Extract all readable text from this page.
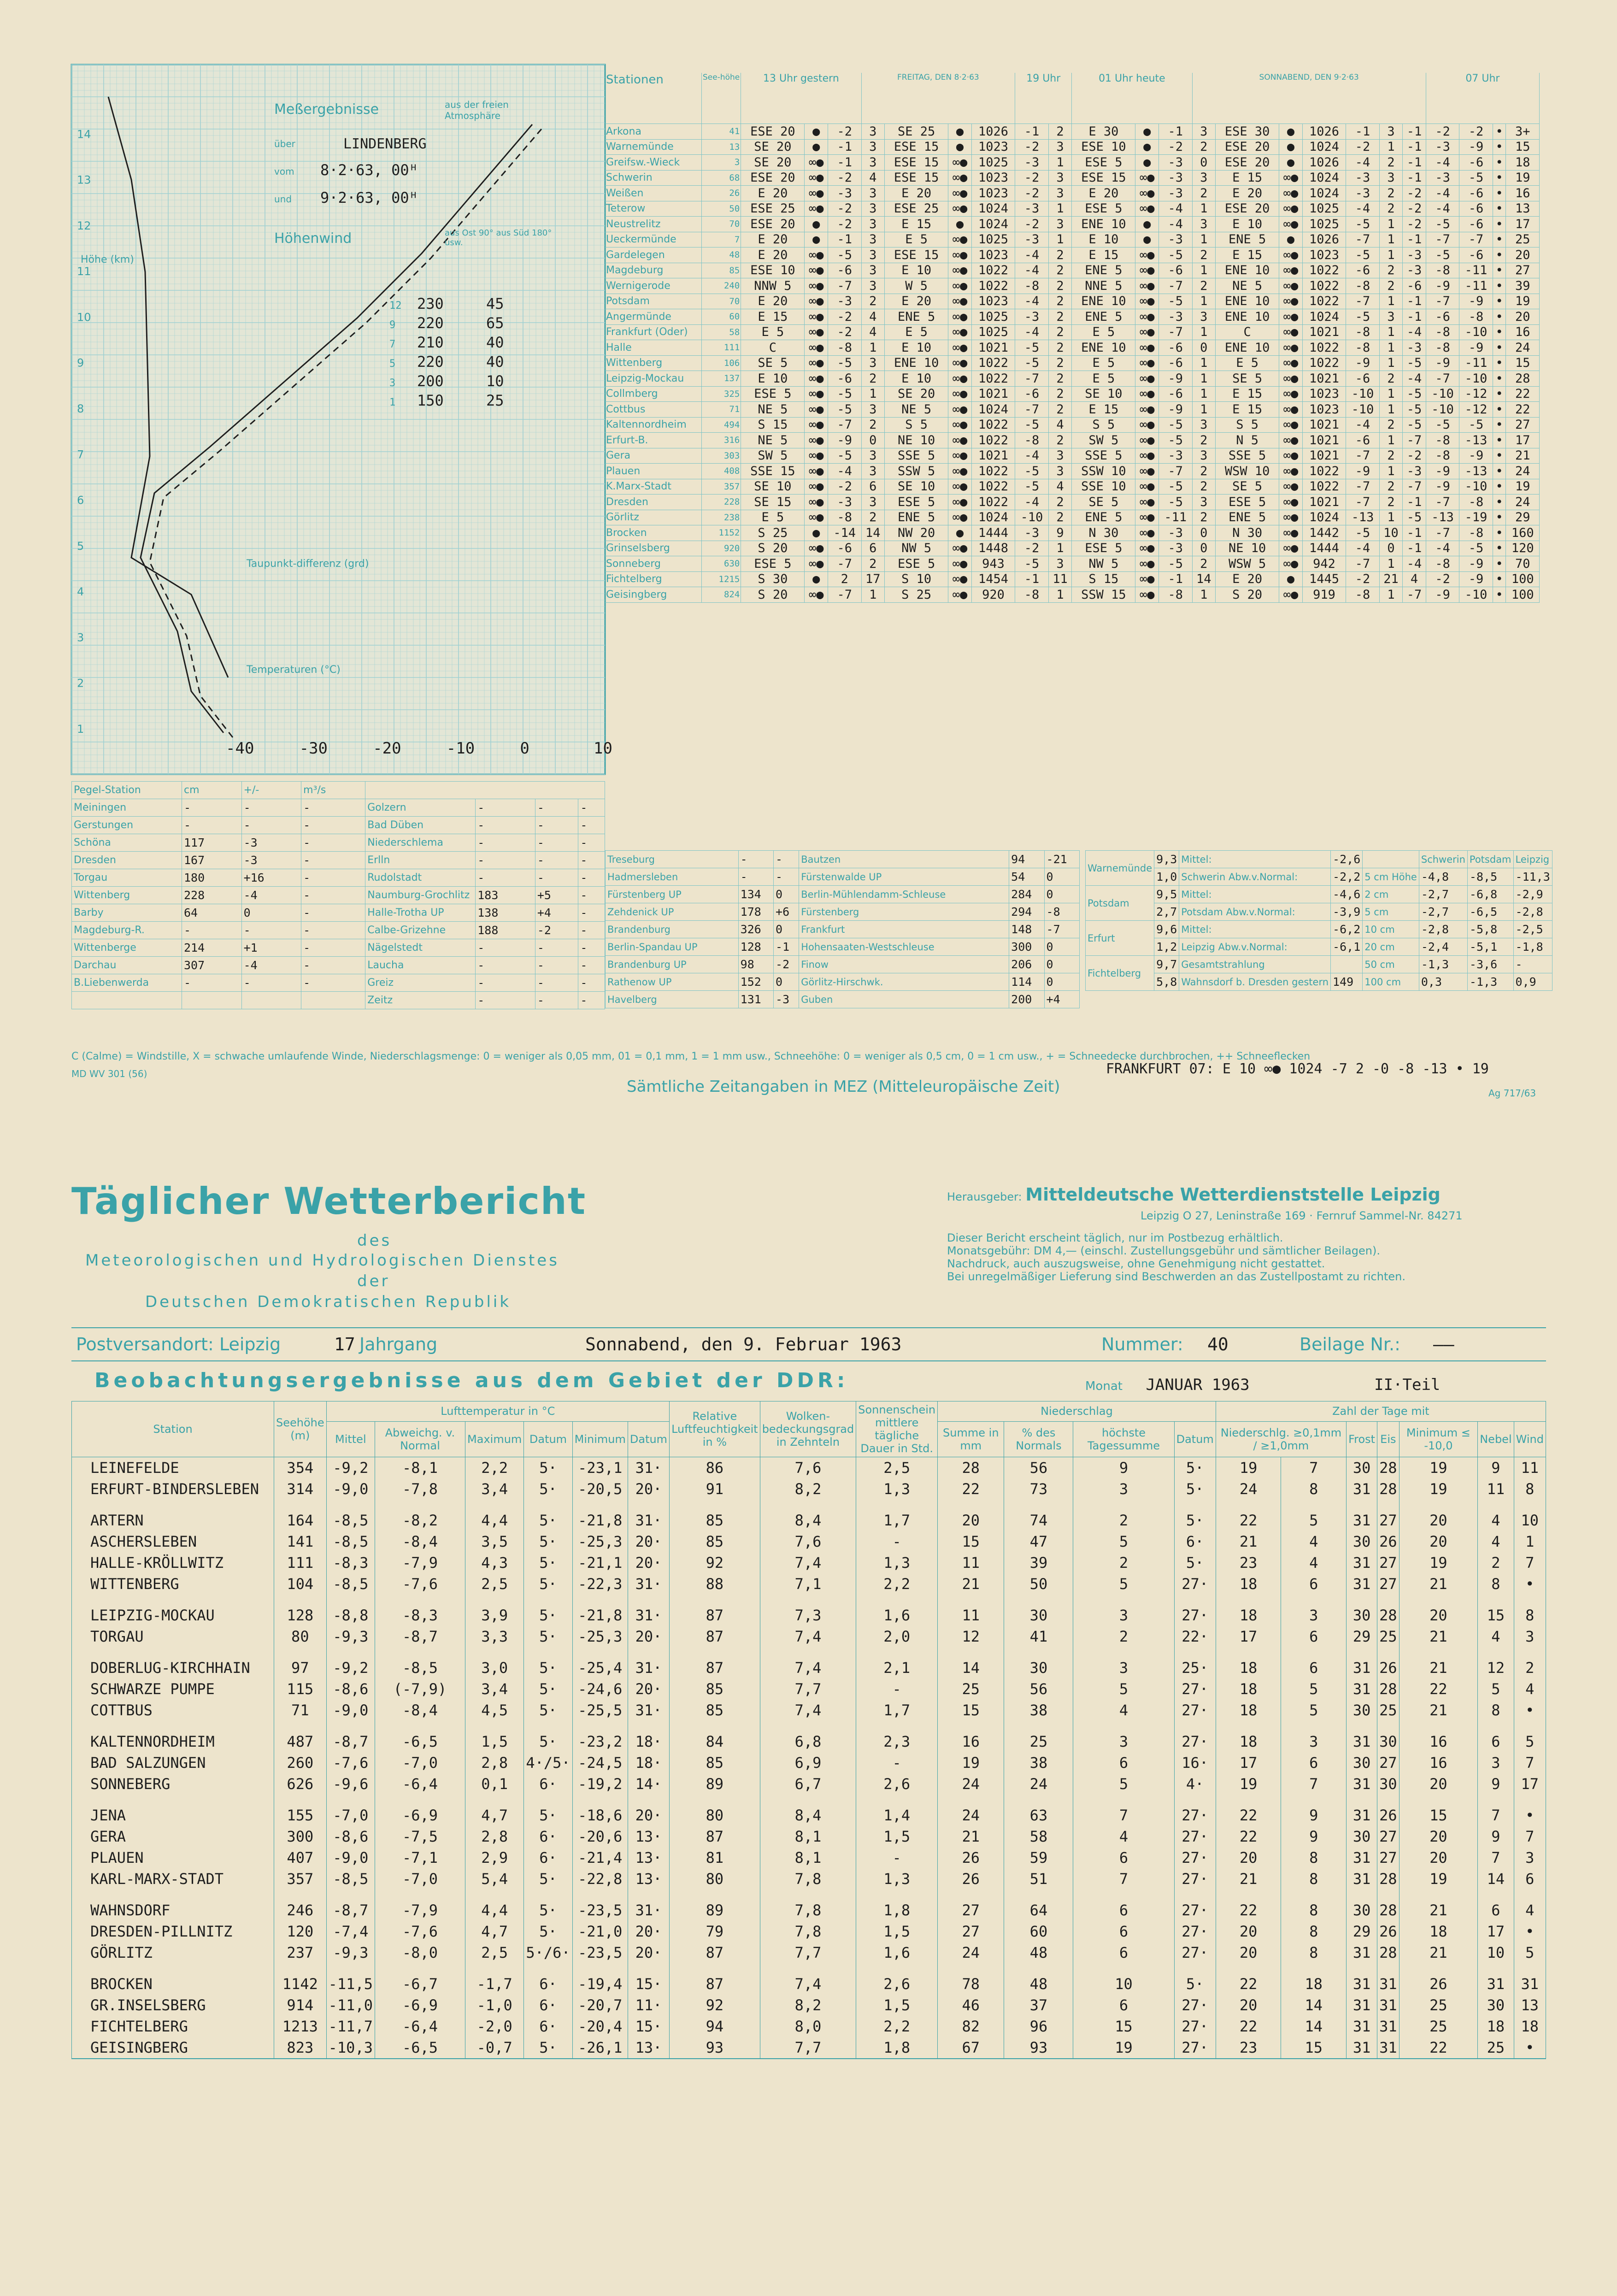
-40	-30	-20	-10	0	10
1
2
3
4
5
6
7
8
9
10
11
12
13
14
Taupunkt-differenz (grd)
Temperaturen (°C)
Höhe (km)
Meßergebnisse	aus der freien Atmosphäre
über	LINDENBERG
vom 8·2·63, 00ᴴ
und 9·2·63, 00ᴴ
Höhenwind	aus Ost 90° aus Süd 180° usw.
12 230	45
9 220	65
7 210	40
5 220	40
3 200	10
1 150	25
Stationen	See-höhe	13 Uhr gestern			FREITAG, DEN 8·2·63				19 Uhr		01 Uhr heute			SONNABEND, DEN 9·2·63							07 Uhr			
Arkona	41	ESE 20	●	-2	3	SE 25	●	1026	-1	2	E 30	●	-1	3	ESE 30	●	1026	-1	3	-1	-2	-2	•	3+
Warnemünde	13	SE 20	●	-1	3	ESE 15	●	1023	-2	3	ESE 10	●	-2	2	ESE 20	●	1024	-2	1	-1	-3	-9	•	15
Greifsw.-Wieck	3	SE 20	∞●	-1	3	ESE 15	∞●	1025	-3	1	ESE 5	●	-3	0	ESE 20	●	1026	-4	2	-1	-4	-6	•	18
Schwerin	68	ESE 20	∞●	-2	4	ESE 15	∞●	1023	-2	3	ESE 15	∞●	-3	3	E 15	∞●	1024	-3	3	-1	-3	-5	•	19
Weißen	26	E 20	∞●	-3	3	E 20	∞●	1023	-2	3	E 20	∞●	-3	2	E 20	∞●	1024	-3	2	-2	-4	-6	•	16
Teterow	50	ESE 25	∞●	-2	3	ESE 25	∞●	1024	-3	1	ESE 5	∞●	-4	1	ESE 20	∞●	1025	-4	2	-2	-4	-6	•	13
Neustrelitz	70	ESE 20	●	-2	3	E 15	●	1024	-2	3	ENE 10	●	-4	3	E 10	∞●	1025	-5	1	-2	-5	-6	•	17
Ueckermünde	7	E 20	●	-1	3	E 5	∞●	1025	-3	1	E 10	●	-3	1	ENE 5	●	1026	-7	1	-1	-7	-7	•	25
Gardelegen	48	E 20	∞●	-5	3	ESE 15	∞●	1023	-4	2	E 15	∞●	-5	2	E 15	∞●	1023	-5	1	-3	-5	-6	•	20
Magdeburg	85	ESE 10	∞●	-6	3	E 10	∞●	1022	-4	2	ENE 5	∞●	-6	1	ENE 10	∞●	1022	-6	2	-3	-8	-11	•	27
Wernigerode	240	NNW 5	∞●	-7	3	W 5	∞●	1022	-8	2	NNE 5	∞●	-7	2	NE 5	∞●	1022	-8	2	-6	-9	-11	•	39
Potsdam	70	E 20	∞●	-3	2	E 20	∞●	1023	-4	2	ENE 10	∞●	-5	1	ENE 10	∞●	1022	-7	1	-1	-7	-9	•	19
Angermünde	60	E 15	∞●	-2	4	ENE 5	∞●	1025	-3	2	ENE 5	∞●	-3	3	ENE 10	∞●	1024	-5	3	-1	-6	-8	•	20
Frankfurt (Oder)	58	E 5	∞●	-2	4	E 5	∞●	1025	-4	2	E 5	∞●	-7	1	C	∞●	1021	-8	1	-4	-8	-10	•	16
Halle	111	C	∞●	-8	1	E 10	∞●	1021	-5	2	ENE 10	∞●	-6	0	ENE 10	∞●	1022	-8	1	-3	-8	-9	•	24
Wittenberg	106	SE 5	∞●	-5	3	ENE 10	∞●	1022	-5	2	E 5	∞●	-6	1	E 5	∞●	1022	-9	1	-5	-9	-11	•	15
Leipzig-Mockau	137	E 10	∞●	-6	2	E 10	∞●	1022	-7	2	E 5	∞●	-9	1	SE 5	∞●	1021	-6	2	-4	-7	-10	•	28
Collmberg	325	ESE 5	∞●	-5	1	SE 20	∞●	1021	-6	2	SE 10	∞●	-6	1	E 15	∞●	1023	-10	1	-5	-10	-12	•	22
Cottbus	71	NE 5	∞●	-5	3	NE 5	∞●	1024	-7	2	E 15	∞●	-9	1	E 15	∞●	1023	-10	1	-5	-10	-12	•	22
Kaltennordheim	494	S 15	∞●	-7	2	S 5	∞●	1022	-5	4	S 5	∞●	-5	3	S 5	∞●	1021	-4	2	-5	-5	-5	•	27
Erfurt-B.	316	NE 5	∞●	-9	0	NE 10	∞●	1022	-8	2	SW 5	∞●	-5	2	N 5	∞●	1021	-6	1	-7	-8	-13	•	17
Gera	303	SW 5	∞●	-5	3	SSE 5	∞●	1021	-4	3	SSE 5	∞●	-3	3	SSE 5	∞●	1021	-7	2	-2	-8	-9	•	21
Plauen	408	SSE 15	∞●	-4	3	SSW 5	∞●	1022	-5	3	SSW 10	∞●	-7	2	WSW 10	∞●	1022	-9	1	-3	-9	-13	•	24
K.Marx-Stadt	357	SE 10	∞●	-2	6	SE 10	∞●	1022	-5	4	SSE 10	∞●	-5	2	SE 5	∞●	1022	-7	2	-7	-9	-10	•	19
Dresden	228	SE 15	∞●	-3	3	ESE 5	∞●	1022	-4	2	SE 5	∞●	-5	3	ESE 5	∞●	1021	-7	2	-1	-7	-8	•	24
Görlitz	238	E 5	∞●	-8	2	ENE 5	∞●	1024	-10	2	ENE 5	∞●	-11	2	ENE 5	∞●	1024	-13	1	-5	-13	-19	•	29
Brocken	1152	S 25	●	-14	14	NW 20	●	1444	-3	9	N 30	∞●	-3	0	N 30	∞●	1442	-5	10	-1	-7	-8	•	160
Grinselsberg	920	S 20	∞●	-6	6	NW 5	∞●	1448	-2	1	ESE 5	∞●	-3	0	NE 10	∞●	1444	-4	0	-1	-4	-5	•	120
Sonneberg	630	ESE 5	∞●	-7	2	ESE 5	∞●	943	-5	3	NW 5	∞●	-5	2	WSW 5	∞●	942	-7	1	-4	-8	-9	•	70
Fichtelberg	1215	S 30	●	2	17	S 10	∞●	1454	-1	11	S 15	∞●	-1	14	E 20	●	1445	-2	21	4	-2	-9	•	100
Geisingberg	824	S 20	∞●	-7	1	S 25	∞●	920	-8	1	SSW 15	∞●	-8	1	S 20	∞●	919	-8	1	-7	-9	-10	•	100
Pegel-Station	cm	+/-	m³/s				
Meiningen	-	-	-	Golzern	-	-	-
Gerstungen	-	-	-	Bad Düben	-	-	-
Schöna	117	-3	-	Niederschlema	-	-	-
Dresden	167	-3	-	Erlln	-	-	-
Torgau	180	+16	-	Rudolstadt	-	-	-
Wittenberg	228	-4	-	Naumburg-Grochlitz	183	+5	-
Barby	64	0	-	Halle-Trotha UP	138	+4	-
Magdeburg-R.	-	-	-	Calbe-Grizehne	188	-2	-
Wittenberge	214	+1	-	Nägelstedt	-	-	-
Darchau	307	-4	-	Laucha	-	-	-
B.Liebenwerda	-	-	-	Greiz	-	-	-
				Zeitz	-	-	-
Treseburg	-	-	Bautzen	94	-21
Hadmersleben	-	-	Fürstenwalde UP	54	0
Fürstenberg UP	134	0	Berlin-Mühlendamm-Schleuse	284	0
Zehdenick UP	178	+6	Fürstenberg	294	-8
Brandenburg	326	0	Frankfurt	148	-7
Berlin-Spandau UP	128	-1	Hohensaaten-Westschleuse	300	0
Brandenburg UP	98	-2	Finow	206	0
Rathenow UP	152	0	Görlitz-Hirschwk.	114	0
Havelberg	131	-3	Guben	200	+4
Warnemünde	9,3	Mittel:	-2,6		Schwerin	Potsdam	Leipzig
	1,0	Schwerin Abw.v.Normal:	-2,2	5 cm Höhe	-4,8	-8,5	-11,3
Potsdam	9,5	Mittel:	-4,6	2 cm	-2,7	-6,8	-2,9
	2,7	Potsdam Abw.v.Normal:	-3,9	5 cm	-2,7	-6,5	-2,8
Erfurt	9,6	Mittel:	-6,2	10 cm	-2,8	-5,8	-2,5
	1,2	Leipzig Abw.v.Normal:	-6,1	20 cm	-2,4	-5,1	-1,8
Fichtelberg	9,7	Gesamtstrahlung		50 cm	-1,3	-3,6	-
	5,8	Wahnsdorf b. Dresden gestern	149	100 cm	0,3	-1,3	0,9
C (Calme) = Windstille, X = schwache umlaufende Winde, Niederschlagsmenge: 0 = weniger als 0,05 mm, 01 = 0,1 mm, 1 = 1 mm usw., Schneehöhe: 0 = weniger als 0,5 cm, 0 = 1 cm usw., + = Schneedecke durchbrochen, ++ Schneeflecken
MD WV 301 (56)
Sämtliche Zeitangaben in MEZ (Mitteleuropäische Zeit)
FRANKFURT 07: E 10 ∞● 1024 -7 2 -0 -8 -13 • 19
Ag 717/63
Täglicher Wetterbericht
des
Meteorologischen und Hydrologischen Dienstes
der
Deutschen Demokratischen Republik
Herausgeber: Mitteldeutsche Wetterdienststelle Leipzig
Leipzig O 27, Leninstraße 169 · Fernruf Sammel-Nr. 84271
Dieser Bericht erscheint täglich, nur im Postbezug erhältlich.
Monatsgebühr: DM 4,— (einschl. Zustellungsgebühr und sämtlicher Beilagen).
Nachdruck, auch auszugsweise, ohne Genehmigung nicht gestattet.
Bei unregelmäßiger Lieferung sind Beschwerden an das Zustellpostamt zu richten.
Postversandort: Leipzig	17 Jahrgang	Sonnabend, den 9. Februar 1963	Nummer:	40	Beilage Nr.:	——
Beobachtungsergebnisse aus dem Gebiet der DDR:	Monat JANUAR 1963	II·Teil
Station	Seehöhe (m)	Lufttemperatur in °C						Relative Luftfeuchtigkeit in %	Wolken-bedeckungsgrad in Zehnteln	Sonnenschein mittlere tägliche Dauer in Std.	Niederschlag				Zahl der Tage mit						
		Mittel	Abweichg. v. Normal	Maximum	Datum	Minimum	Datum				Summe in mm	% des Normals	höchste Tagessumme	Datum	Niederschlg. ≥0,1mm / ≥1,0mm		Frost	Eis	Minimum ≤ -10,0	Nebel	Wind
LEINEFELDE	354	-9,2	-8,1	2,2	5·	-23,1	31·	86	7,6	2,5	28	56	9	5·	19	7	30	28	19	9	11
ERFURT-BINDERSLEBEN	314	-9,0	-7,8	3,4	5·	-20,5	20·	91	8,2	1,3	22	73	3	5·	24	8	31	28	19	11	8

ARTERN	164	-8,5	-8,2	4,4	5·	-21,8	31·	85	8,4	1,7	20	74	2	5·	22	5	31	27	20	4	10
ASCHERSLEBEN	141	-8,5	-8,4	3,5	5·	-25,3	20·	85	7,6	-	15	47	5	6·	21	4	30	26	20	4	1
HALLE-KRÖLLWITZ	111	-8,3	-7,9	4,3	5·	-21,1	20·	92	7,4	1,3	11	39	2	5·	23	4	31	27	19	2	7
WITTENBERG	104	-8,5	-7,6	2,5	5·	-22,3	31·	88	7,1	2,2	21	50	5	27·	18	6	31	27	21	8	•

LEIPZIG-MOCKAU	128	-8,8	-8,3	3,9	5·	-21,8	31·	87	7,3	1,6	11	30	3	27·	18	3	30	28	20	15	8
TORGAU	80	-9,3	-8,7	3,3	5·	-25,3	20·	87	7,4	2,0	12	41	2	22·	17	6	29	25	21	4	3

DOBERLUG-KIRCHHAIN	97	-9,2	-8,5	3,0	5·	-25,4	31·	87	7,4	2,1	14	30	3	25·	18	6	31	26	21	12	2
SCHWARZE PUMPE	115	-8,6	(-7,9)	3,4	5·	-24,6	20·	85	7,7	-	25	56	5	27·	18	5	31	28	22	5	4
COTTBUS	71	-9,0	-8,4	4,5	5·	-25,5	31·	85	7,4	1,7	15	38	4	27·	18	5	30	25	21	8	•

KALTENNORDHEIM	487	-8,7	-6,5	1,5	5·	-23,2	18·	84	6,8	2,3	16	25	3	27·	18	3	31	30	16	6	5
BAD SALZUNGEN	260	-7,6	-7,0	2,8	4·/5·	-24,5	18·	85	6,9	-	19	38	6	16·	17	6	30	27	16	3	7
SONNEBERG	626	-9,6	-6,4	0,1	6·	-19,2	14·	89	6,7	2,6	24	24	5	4·	19	7	31	30	20	9	17

JENA	155	-7,0	-6,9	4,7	5·	-18,6	20·	80	8,4	1,4	24	63	7	27·	22	9	31	26	15	7	•
GERA	300	-8,6	-7,5	2,8	6·	-20,6	13·	87	8,1	1,5	21	58	4	27·	22	9	30	27	20	9	7
PLAUEN	407	-9,0	-7,1	2,9	6·	-21,4	13·	81	8,1	-	26	59	6	27·	20	8	31	27	20	7	3
KARL-MARX-STADT	357	-8,5	-7,0	5,4	5·	-22,8	13·	80	7,8	1,3	26	51	7	27·	21	8	31	28	19	14	6

WAHNSDORF	246	-8,7	-7,9	4,4	5·	-23,5	31·	89	7,8	1,8	27	64	6	27·	22	8	30	28	21	6	4
DRESDEN-PILLNITZ	120	-7,4	-7,6	4,7	5·	-21,0	20·	79	7,8	1,5	27	60	6	27·	20	8	29	26	18	17	•
GÖRLITZ	237	-9,3	-8,0	2,5	5·/6·	-23,5	20·	87	7,7	1,6	24	48	6	27·	20	8	31	28	21	10	5

BROCKEN	1142	-11,5	-6,7	-1,7	6·	-19,4	15·	87	7,4	2,6	78	48	10	5·	22	18	31	31	26	31	31
GR.INSELSBERG	914	-11,0	-6,9	-1,0	6·	-20,7	11·	92	8,2	1,5	46	37	6	27·	20	14	31	31	25	30	13
FICHTELBERG	1213	-11,7	-6,4	-2,0	6·	-20,4	15·	94	8,0	2,2	82	96	15	27·	22	14	31	31	25	18	18
GEISINGBERG	823	-10,3	-6,5	-0,7	5·	-26,1	13·	93	7,7	1,8	67	93	19	27·	23	15	31	31	22	25	•
